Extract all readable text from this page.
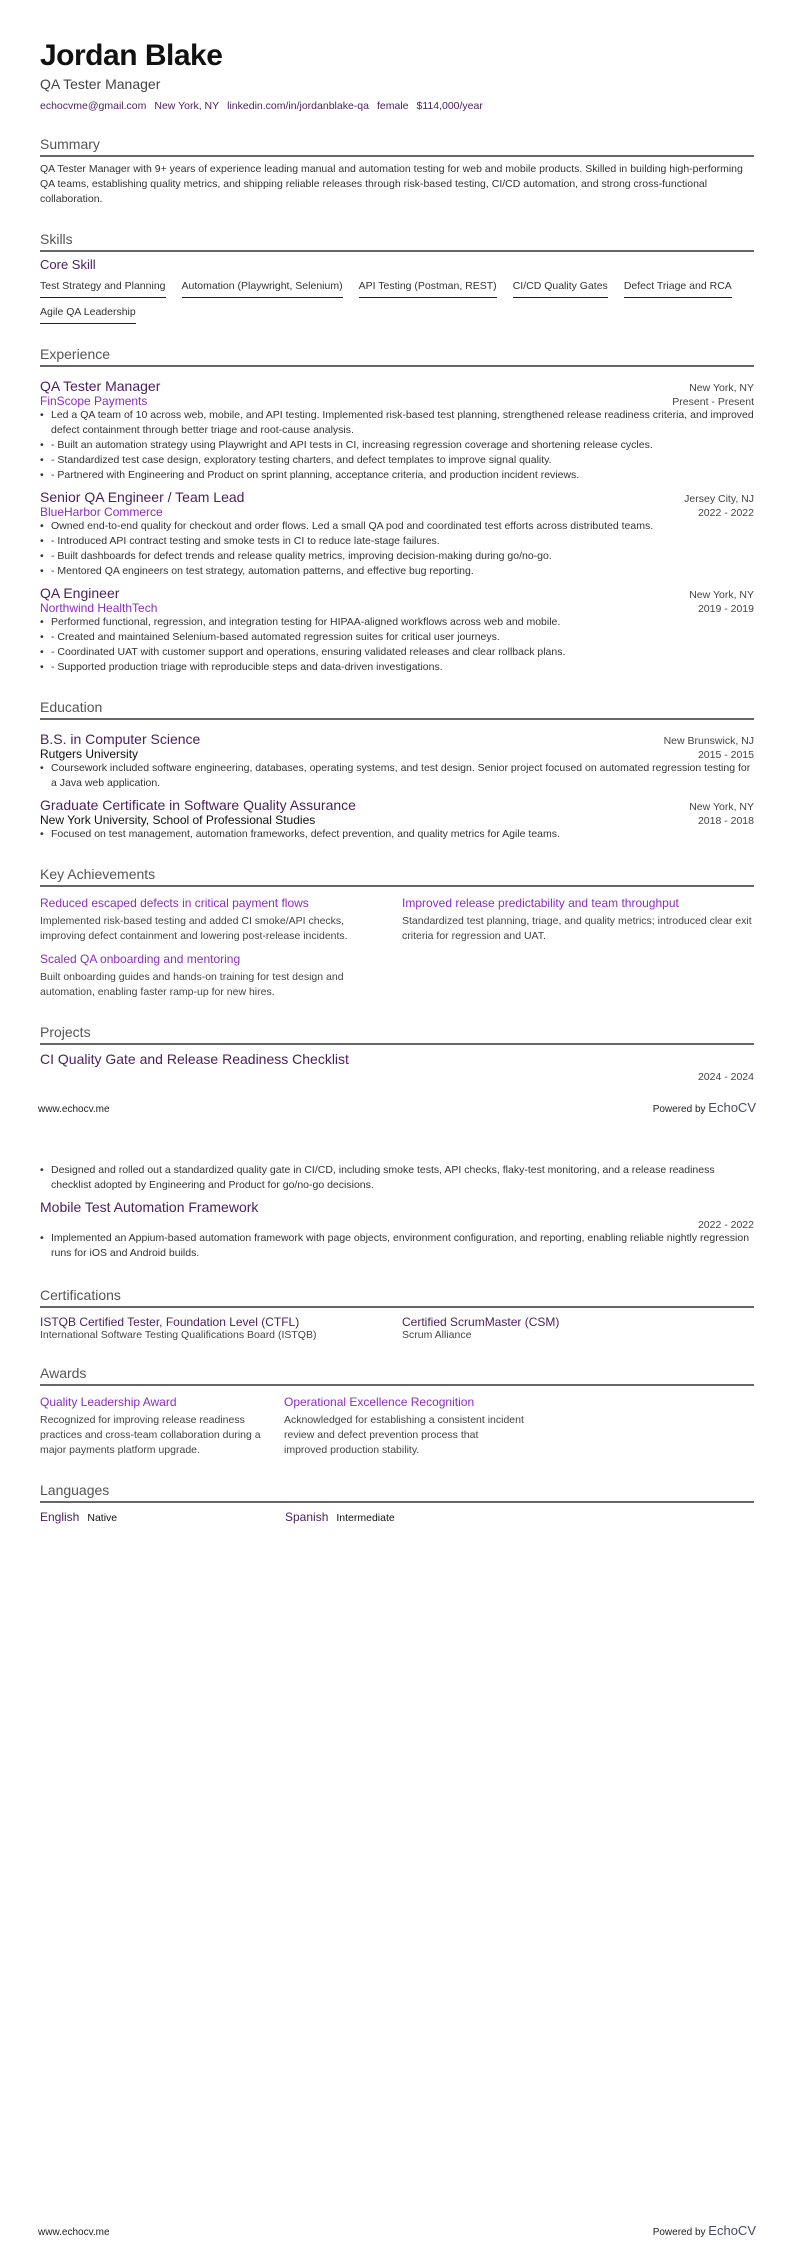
Jordan Blake
QA Tester Manager
echocvme@gmail.com New York, NY linkedin.com/in/jordanblake-qa female $114,000/year
Summary
QA Tester Manager with 9+ years of experience leading manual and automation testing for web and mobile products. Skilled in building high-performing QA teams, establishing quality metrics, and shipping reliable releases through risk-based testing, CI/CD automation, and strong cross-functional collaboration.
Skills
Core Skill
Test Strategy and Planning Automation (Playwright, Selenium) API Testing (Postman, REST) CI/CD Quality Gates Defect Triage and RCA
Agile QA Leadership
Experience
QA Tester Manager	New York, NY
FinScope Payments	Present - Present
• Led a QA team of 10 across web, mobile, and API testing. Implemented risk-based test planning, strengthened release readiness criteria, and improved defect containment through better triage and root-cause analysis.
• - Built an automation strategy using Playwright and API tests in CI, increasing regression coverage and shortening release cycles.
• - Standardized test case design, exploratory testing charters, and defect templates to improve signal quality.
• - Partnered with Engineering and Product on sprint planning, acceptance criteria, and production incident reviews.
Senior QA Engineer / Team Lead	Jersey City, NJ
BlueHarbor Commerce	2022 - 2022
• Owned end-to-end quality for checkout and order flows. Led a small QA pod and coordinated test efforts across distributed teams.
• - Introduced API contract testing and smoke tests in CI to reduce late-stage failures.
• - Built dashboards for defect trends and release quality metrics, improving decision-making during go/no-go.
• - Mentored QA engineers on test strategy, automation patterns, and effective bug reporting.
QA Engineer	New York, NY
Northwind HealthTech	2019 - 2019
• Performed functional, regression, and integration testing for HIPAA-aligned workflows across web and mobile.
• - Created and maintained Selenium-based automated regression suites for critical user journeys.
• - Coordinated UAT with customer support and operations, ensuring validated releases and clear rollback plans.
• - Supported production triage with reproducible steps and data-driven investigations.
Education
B.S. in Computer Science	New Brunswick, NJ
Rutgers University	2015 - 2015
• Coursework included software engineering, databases, operating systems, and test design. Senior project focused on automated regression testing for a Java web application.
Graduate Certificate in Software Quality Assurance	New York, NY
New York University, School of Professional Studies	2018 - 2018
• Focused on test management, automation frameworks, defect prevention, and quality metrics for Agile teams.
Key Achievements
Reduced escaped defects in critical payment flows
Implemented risk-based testing and added CI smoke/API checks, improving defect containment and lowering post-release incidents.
Improved release predictability and team throughput
Standardized test planning, triage, and quality metrics; introduced clear exit criteria for regression and UAT.
Scaled QA onboarding and mentoring
Built onboarding guides and hands-on training for test design and automation, enabling faster ramp-up for new hires.
Projects
CI Quality Gate and Release Readiness Checklist
2024 - 2024
www.echocv.me	Powered by EchoCV
• Designed and rolled out a standardized quality gate in CI/CD, including smoke tests, API checks, flaky-test monitoring, and a release readiness checklist adopted by Engineering and Product for go/no-go decisions.
Mobile Test Automation Framework
2022 - 2022
• Implemented an Appium-based automation framework with page objects, environment configuration, and reporting, enabling reliable nightly regression runs for iOS and Android builds.
Certifications
ISTQB Certified Tester, Foundation Level (CTFL)
International Software Testing Qualifications Board (ISTQB)
Certified ScrumMaster (CSM)
Scrum Alliance
Awards
Quality Leadership Award
Recognized for improving release readiness practices and cross-team collaboration during a major payments platform upgrade.
Operational Excellence Recognition
Acknowledged for establishing a consistent incident review and defect prevention process that improved production stability.
Languages
English Native	Spanish Intermediate
www.echocv.me	Powered by EchoCV
